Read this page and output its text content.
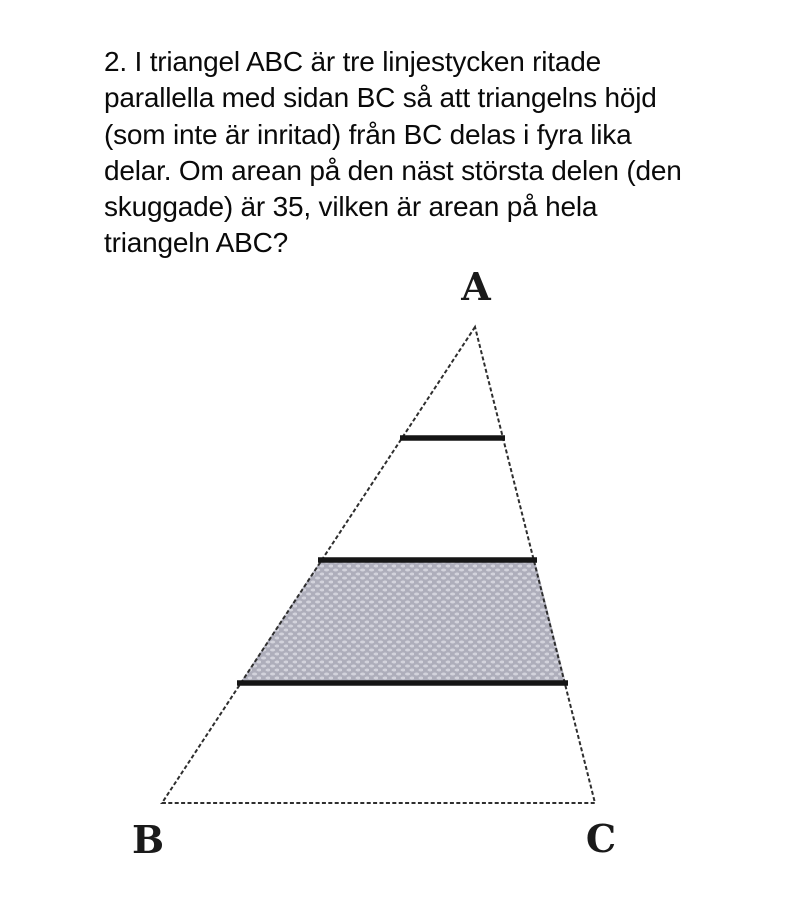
2. I triangel ABC är tre linjestycken ritade
parallella med sidan BC så att triangelns höjd
(som inte är inritad) från BC delas i fyra lika
delar. Om arean på den näst största delen (den
skuggade) är 35, vilken är arean på hela
triangeln ABC?
A
B	C
